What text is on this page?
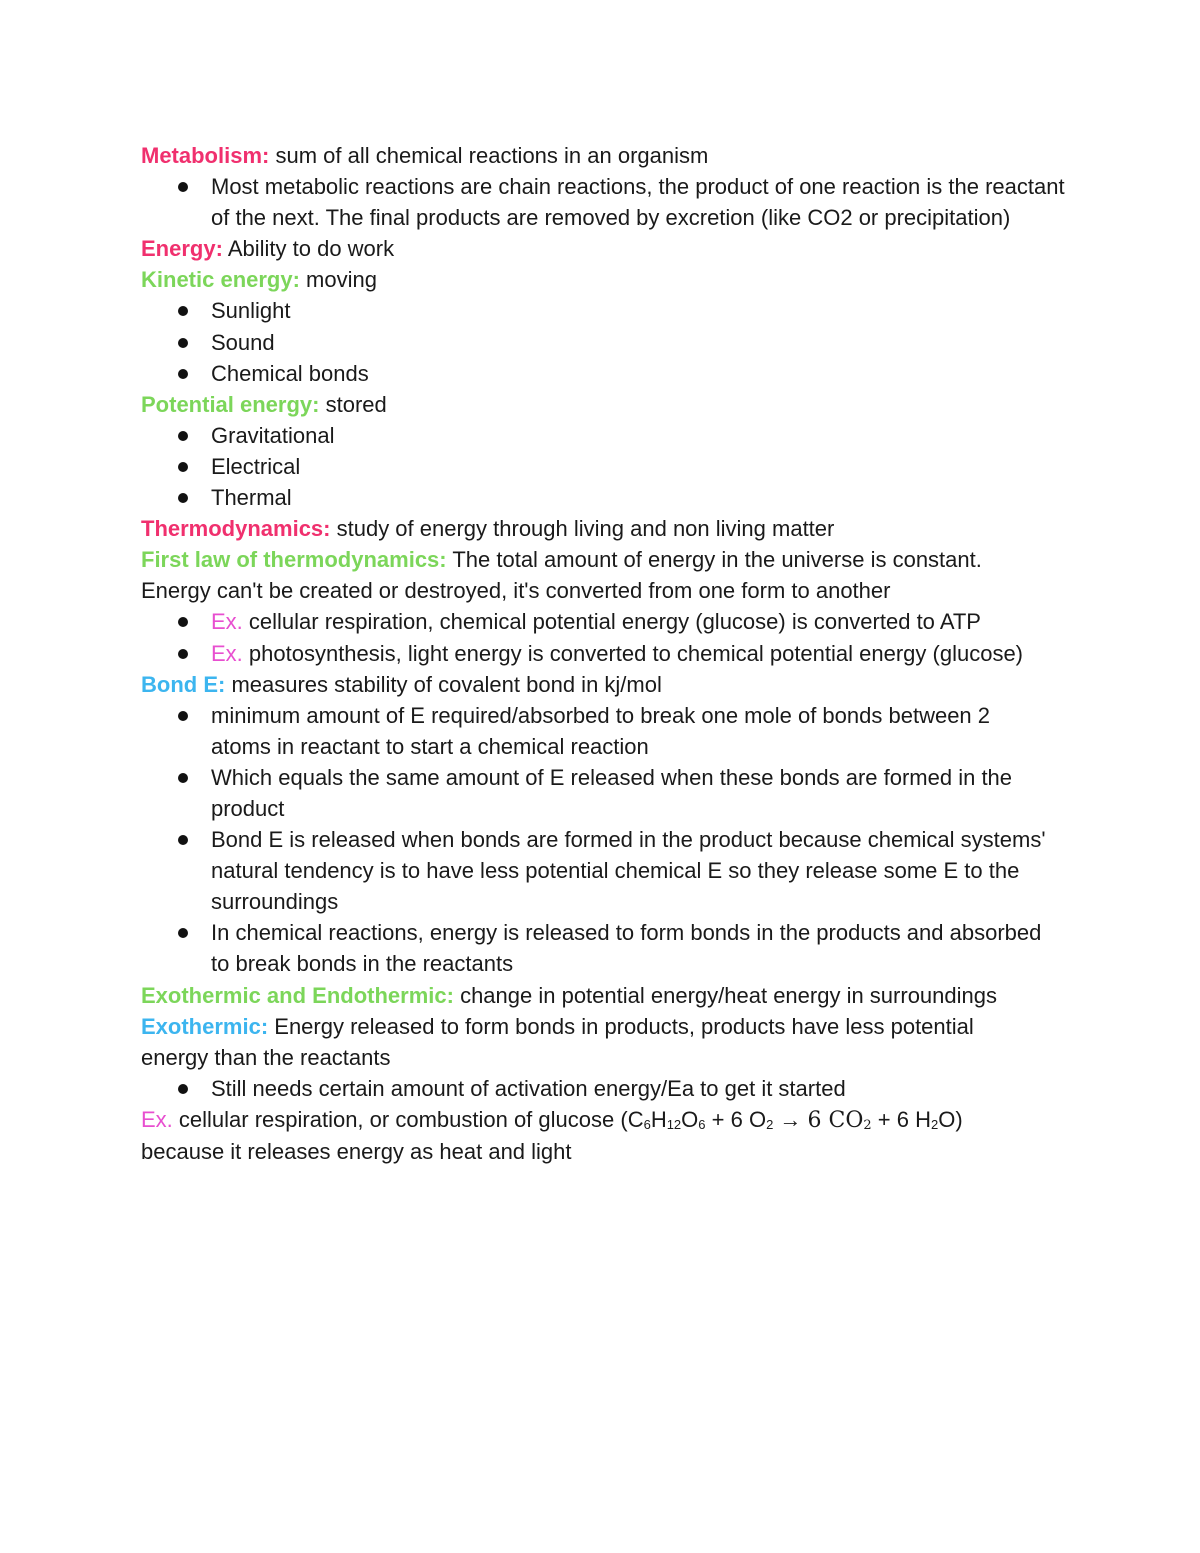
Metabolism: sum of all chemical reactions in an organism

Most metabolic reactions are chain reactions, the product of one reaction is the reactant of the next. The final products are removed by excretion (like CO2 or precipitation)

Energy: Ability to do work

Kinetic energy: moving

Sunlight
Sound
Chemical bonds

Potential energy: stored

Gravitational
Electrical
Thermal

Thermodynamics: study of energy through living and non living matter

First law of thermodynamics: The total amount of energy in the universe is constant. Energy can't be created or destroyed, it's converted from one form to another

Ex. cellular respiration, chemical potential energy (glucose) is converted to ATP
Ex. photosynthesis, light energy is converted to chemical potential energy (glucose)

Bond E: measures stability of covalent bond in kj/mol

minimum amount of E required/absorbed to break one mole of bonds between 2 atoms in reactant to start a chemical reaction
Which equals the same amount of E released when these bonds are formed in the product
Bond E is released when bonds are formed in the product because chemical systems' natural tendency is to have less potential chemical E so they release some E to the surroundings
In chemical reactions, energy is released to form bonds in the products and absorbed to break bonds in the reactants

Exothermic and Endothermic: change in potential energy/heat energy in surroundings

Exothermic: Energy released to form bonds in products, products have less potential energy than the reactants

Still needs certain amount of activation energy/Ea to get it started

Ex. cellular respiration, or combustion of glucose ($C_6H_{12}O_6 + 6$ $O_2 \to 6$ $CO_2 + 6$ $H_2O$)

because it releases energy as heat and light
